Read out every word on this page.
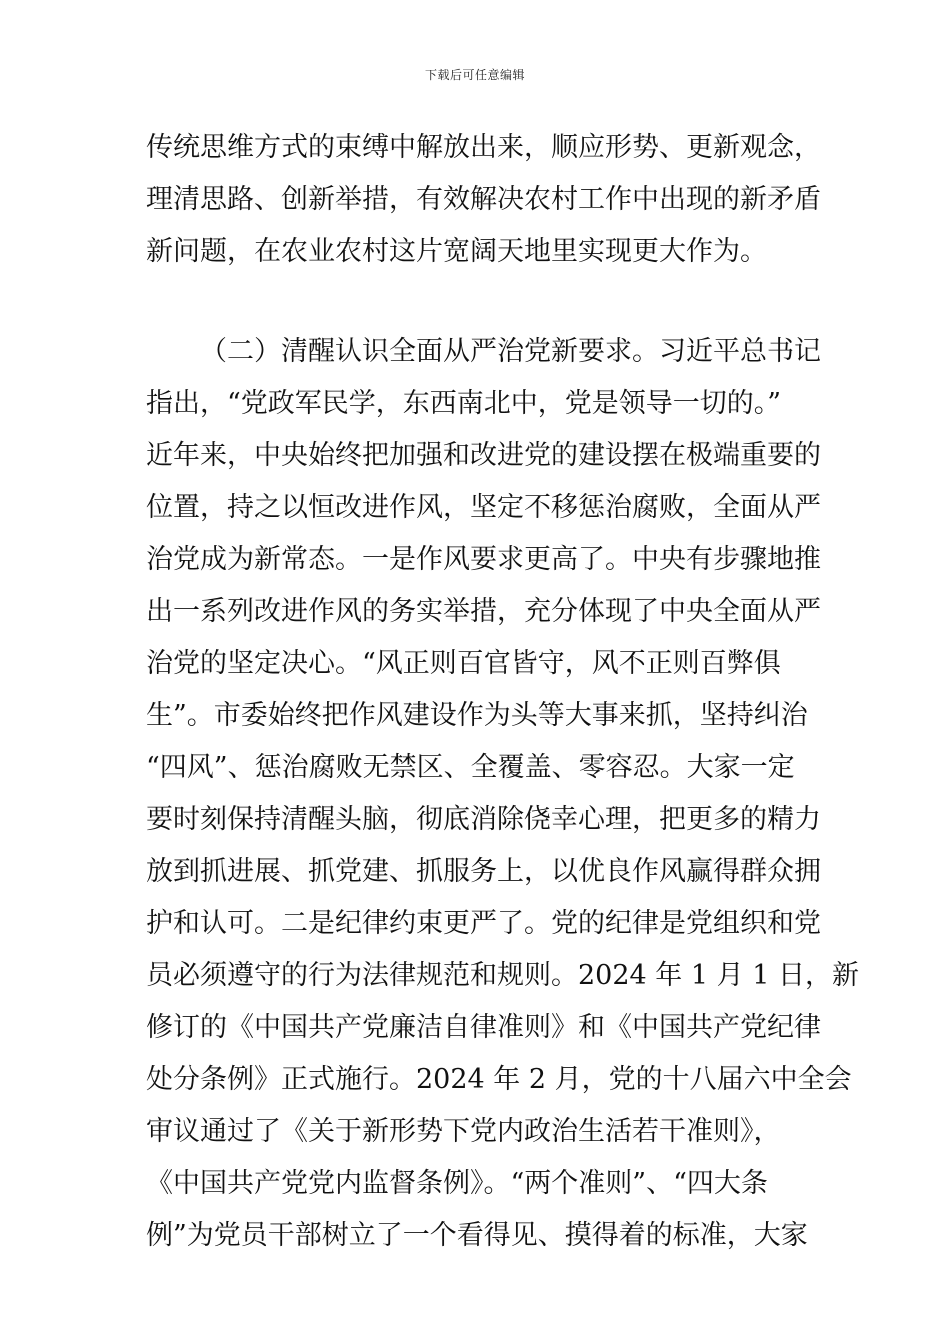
下载后可任意编辑
传统思维方式的束缚中解放出来，顺应形势、更新观念，
理清思路、创新举措，有效解决农村工作中出现的新矛盾
新问题，在农业农村这片宽阔天地里实现更大作为。
（二）清醒认识全面从严治党新要求。习近平总书记
指出，“党政军民学，东西南北中，党是领导一切的。”
近年来，中央始终把加强和改进党的建设摆在极端重要的
位置，持之以恒改进作风，坚定不移惩治腐败，全面从严
治党成为新常态。一是作风要求更高了。中央有步骤地推
出一系列改进作风的务实举措，充分体现了中央全面从严
治党的坚定决心。“风正则百官皆守，风不正则百弊俱
生”。市委始终把作风建设作为头等大事来抓，坚持纠治
“四风”、惩治腐败无禁区、全覆盖、零容忍。大家一定
要时刻保持清醒头脑，彻底消除侥幸心理，把更多的精力
放到抓进展、抓党建、抓服务上，以优良作风赢得群众拥
护和认可。二是纪律约束更严了。党的纪律是党组织和党
员必须遵守的行为法律规范和规则。2024 年 1 月 1 日，新
修订的《中国共产党廉洁自律准则》和《中国共产党纪律
处分条例》正式施行。2024 年 2 月，党的十八届六中全会
审议通过了《关于新形势下党内政治生活若干准则》，
《中国共产党党内监督条例》。“两个准则”、“四大条
例”为党员干部树立了一个看得见、摸得着的标准，大家
